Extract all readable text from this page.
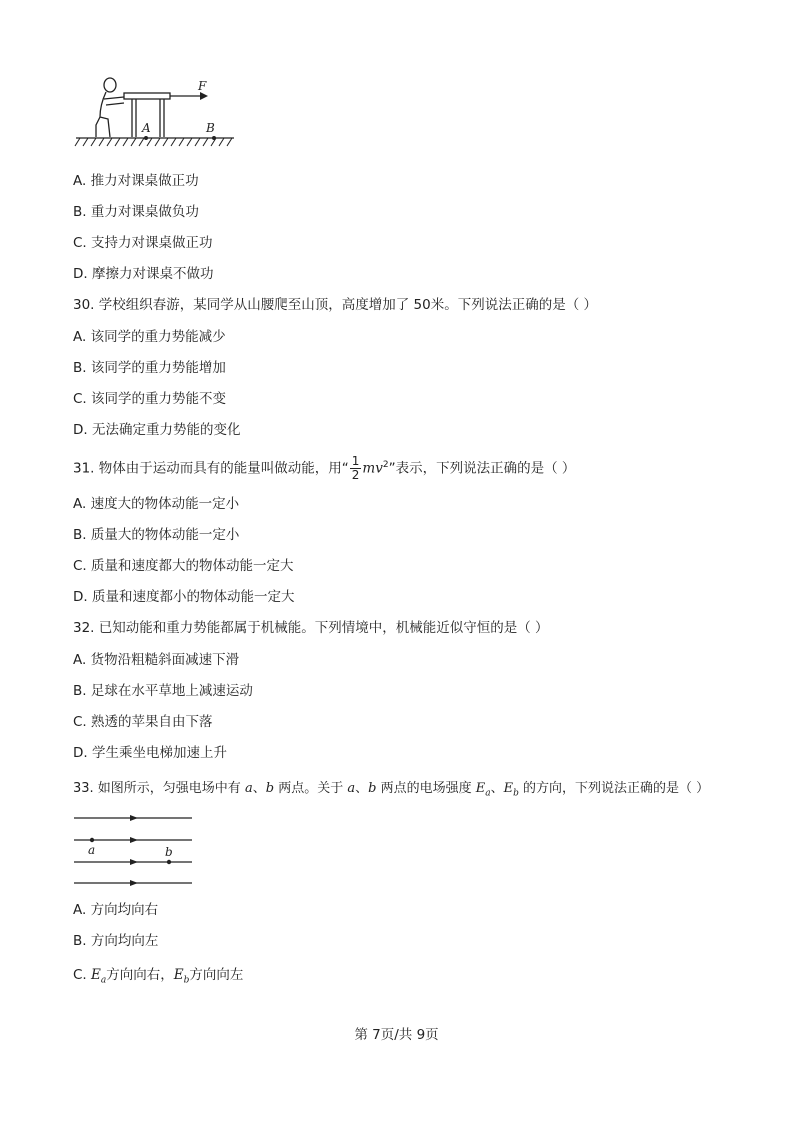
F
A	B
A. 推力对课桌做正功
B. 重力对课桌做负功
C. 支持力对课桌做正功
D. 摩擦力对课桌不做功
30. 学校组织春游，某同学从山腰爬至山顶，高度增加了 50米。下列说法正确的是（ ）
A. 该同学的重力势能减少
B. 该同学的重力势能增加
C. 该同学的重力势能不变
D. 无法确定重力势能的变化
31. 物体由于运动而具有的能量叫做动能，用“ $\frac{1}{2} mv^2$”表示，下列说法正确的是（ ）
A. 速度大的物体动能一定小
B. 质量大的物体动能一定小
C. 质量和速度都大的物体动能一定大
D. 质量和速度都小的物体动能一定大
32. 已知动能和重力势能都属于机械能。下列情境中，机械能近似守恒的是（ ）
A. 货物沿粗糙斜面减速下滑
B. 足球在水平草地上减速运动
C. 熟透的苹果自由下落
D. 学生乘坐电梯加速上升
33. 如图所示，匀强电场中有 a、b 两点。关于 a、b 两点的电场强度 $E_a$、$E_b$ 的方向，下列说法正确的是（ ）
a	b
A. 方向均向右
B. 方向均向左
C. $E_a$方向向右，$E_b$方向向左
第 7页/共 9页
